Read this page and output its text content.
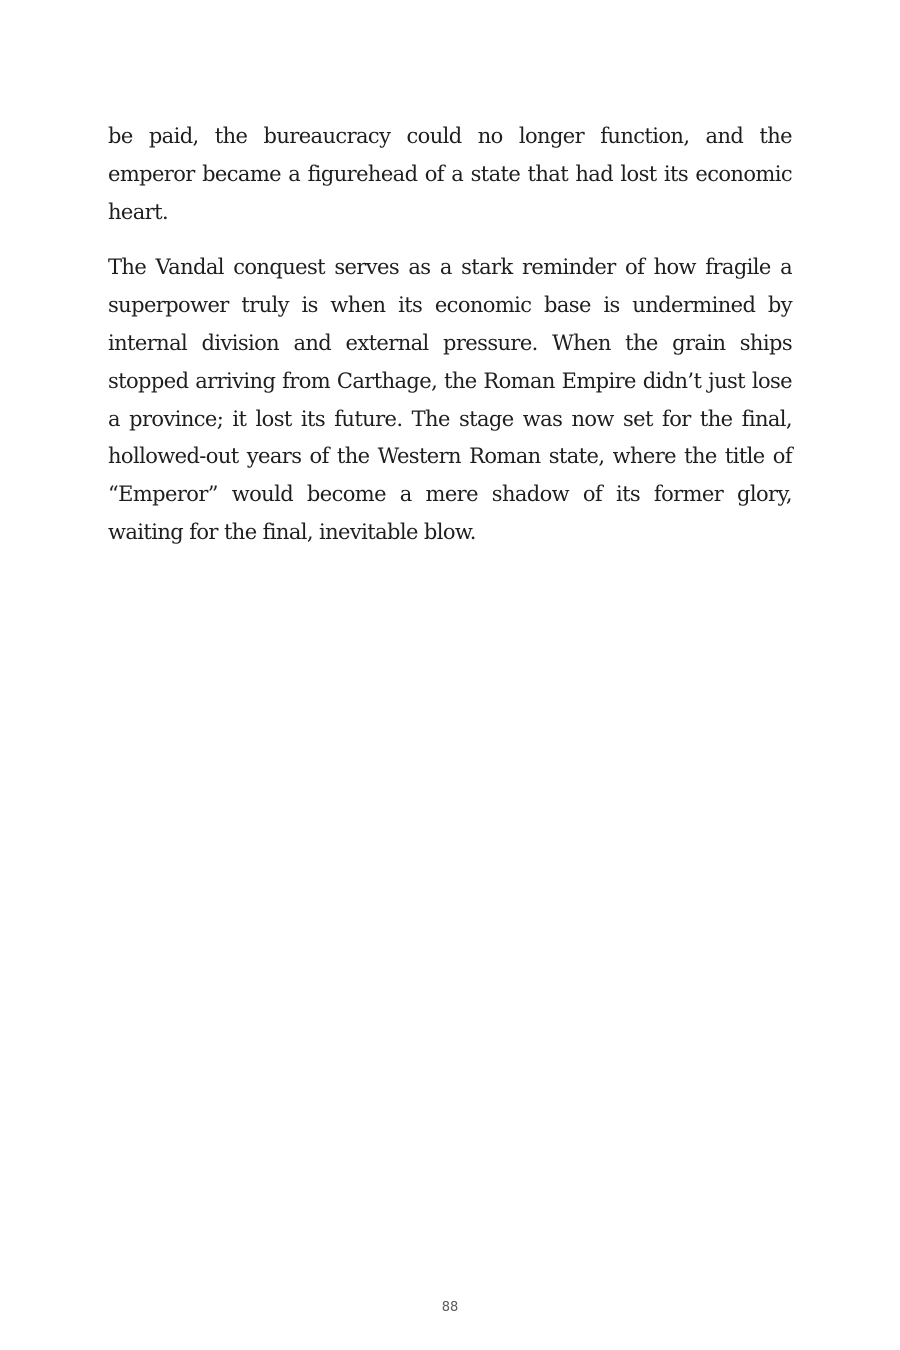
be paid, the bureaucracy could no longer function, and the emperor became a figurehead of a state that had lost its economic heart.

The Vandal conquest serves as a stark reminder of how fragile a superpower truly is when its economic base is undermined by internal division and external pressure. When the grain ships stopped arriving from Carthage, the Roman Empire didn’t just lose a province; it lost its future. The stage was now set for the final, hollowed-out years of the Western Roman state, where the title of “Emperor” would become a mere shadow of its former glory, waiting for the final, inevitable blow.

88
